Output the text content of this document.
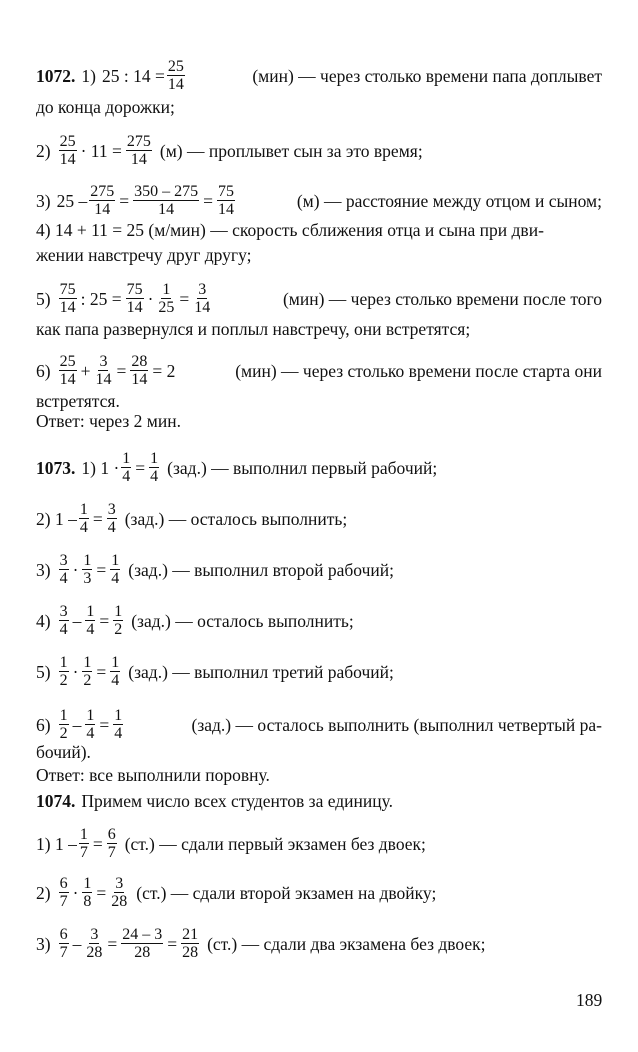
1072. 1) 25 : $14 = \frac{25}{14}$	(мин) — через столько времени папа доплывет
до конца дорожки;
$2) \frac{25}{14} \cdot 11 = \frac{275}{14} (м)$ — проплывет сын за это время;
3) $25 - \frac{275}{14} = \frac{350 - 275}{14} = \frac{75}{14}$	(м) — расстояние между отцом и сыном;
4) 14 + 11 = 25 (м/мин) — скорость сближения отца и сына при дви-
жении навстречу друг другу;
$5) \frac{75}{14}$ : $25 = \frac{75}{14} \cdot \frac{1}{25} = \frac{3}{14}$	(мин) — через столько времени после того
как папа развернулся и поплыл навстречу, они встретятся;
$6) \frac{25}{14} + \frac{3}{14} = \frac{28}{14} = 2$	(мин) — через столько времени после старта они
встретятся.
Ответ: через 2 мин.
1073. 1) $1 \cdot \frac{1}{4} = \frac{1}{4} (зад.)$ — выполнил первый рабочий;
2) $1 - \frac{1}{4} = \frac{3}{4} (зад.)$ — осталось выполнить;
$3) \frac{3}{4} \cdot \frac{1}{3} = \frac{1}{4} (зад.)$ — выполнил второй рабочий;
$4) \frac{3}{4} - \frac{1}{4} = \frac{1}{2} (зад.)$ — осталось выполнить;
$5) \frac{1}{2} \cdot \frac{1}{2} = \frac{1}{4} (зад.)$ — выполнил третий рабочий;
$6) \frac{1}{2} - \frac{1}{4} = \frac{1}{4}$	(зад.) — осталось выполнить (выполнил четвертый ра-
бочий).
Ответ: все выполнили поровну.
1074. Примем число всех студентов за единицу.
1) $1 - \frac{1}{7} = \frac{6}{7} (ст.)$ — сдали первый экзамен без двоек;
$2) \frac{6}{7} \cdot \frac{1}{8} = \frac{3}{28} (ст.)$ — сдали второй экзамен на двойку;
$3) \frac{6}{7} - \frac{3}{28} = \frac{24 - 3}{28} = \frac{21}{28} (ст.)$ — сдали два экзамена без двоек;
189
